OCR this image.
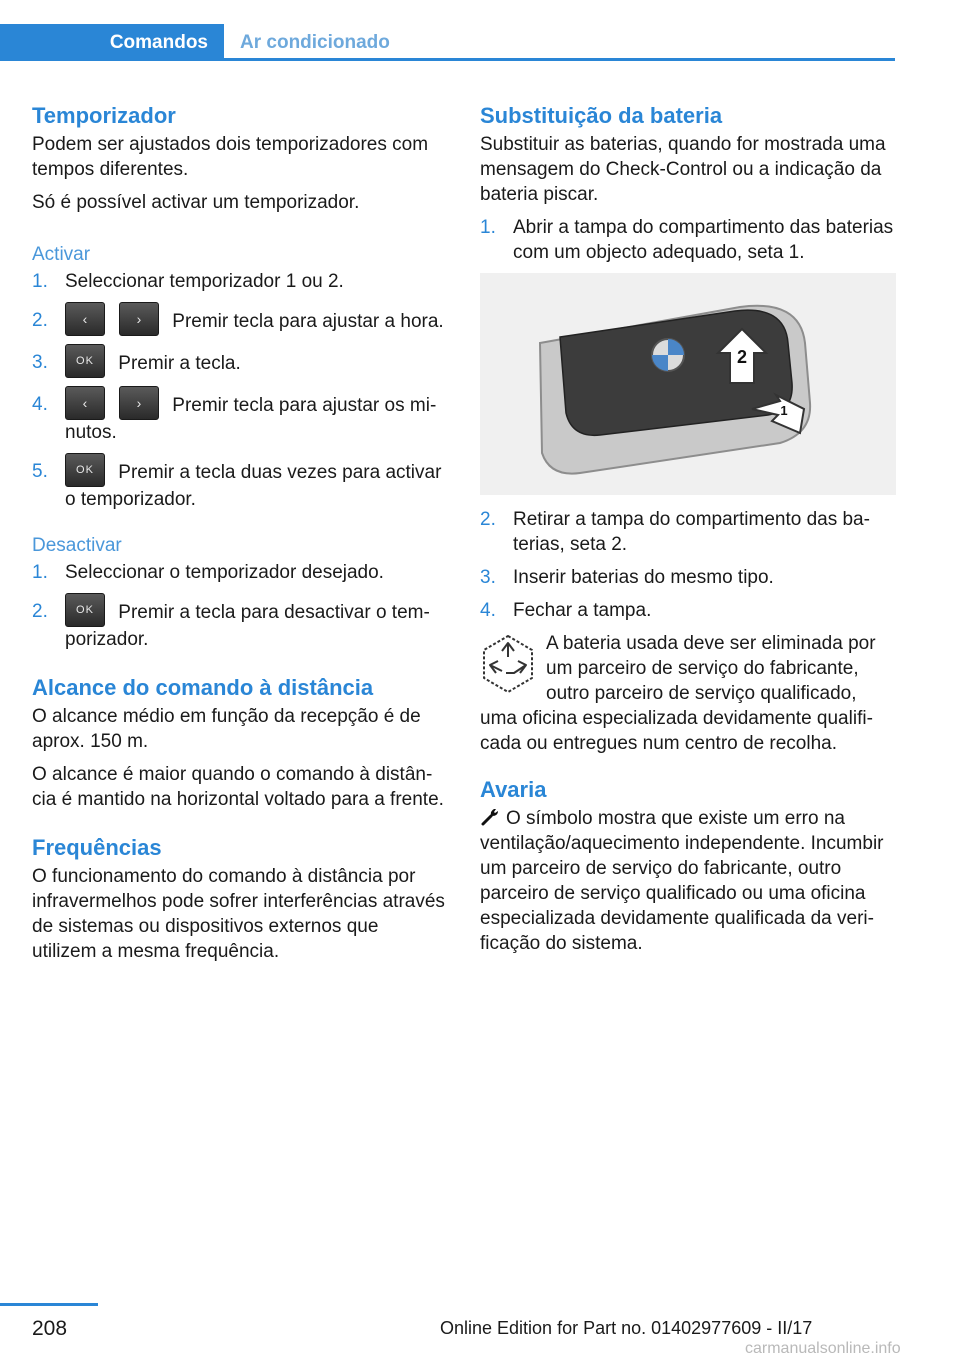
Comandos	Ar condicionado
Temporizador

Podem ser ajustados dois temporizadores com tempos diferentes.

Só é possível activar um temporizador.

Activar
1. Seleccionar temporizador 1 ou 2.
2. ‹	› Premir tecla para ajustar a hora.
3.	OK Premir a tecla.
4. ‹	› Premir tecla para ajustar os minutos.
5.	OK Premir a tecla duas vezes para activar o temporizador.
Desactivar
1. Seleccionar o temporizador desejado.
2.	OK Premir a tecla para desactivar o temporizador.
Alcance do comando à distância

O alcance médio em função da recepção é de aprox. 150 m.

O alcance é maior quando o comando à distância é mantido na horizontal voltado para a frente.

Frequências

O funcionamento do comando à distância por infravermelhos pode sofrer interferências através de sistemas ou dispositivos externos que utilizem a mesma frequência.

Substituição da bateria

Substituir as baterias, quando for mostrada uma mensagem do Check-Control ou a indicação da bateria piscar.

1. Abrir a tampa do compartimento das baterias com um objecto adequado, seta 1.
2
1
2. Retirar a tampa do compartimento das baterias, seta 2.
3. Inserir baterias do mesmo tipo.
4. Fechar a tampa.
A bateria usada deve ser eliminada por um parceiro de serviço do fabricante, outro parceiro de serviço qualificado, uma oficina especializada devidamente qualificada ou entregues num centro de recolha.
Avaria

O símbolo mostra que existe um erro na ventilação/aquecimento independente. Incumbir um parceiro de serviço do fabricante, outro parceiro de serviço qualificado ou uma oficina especializada devidamente qualificada da verificação do sistema.

208	Online Edition for Part no. 01402977609 - II/17
carmanualsonline.info
